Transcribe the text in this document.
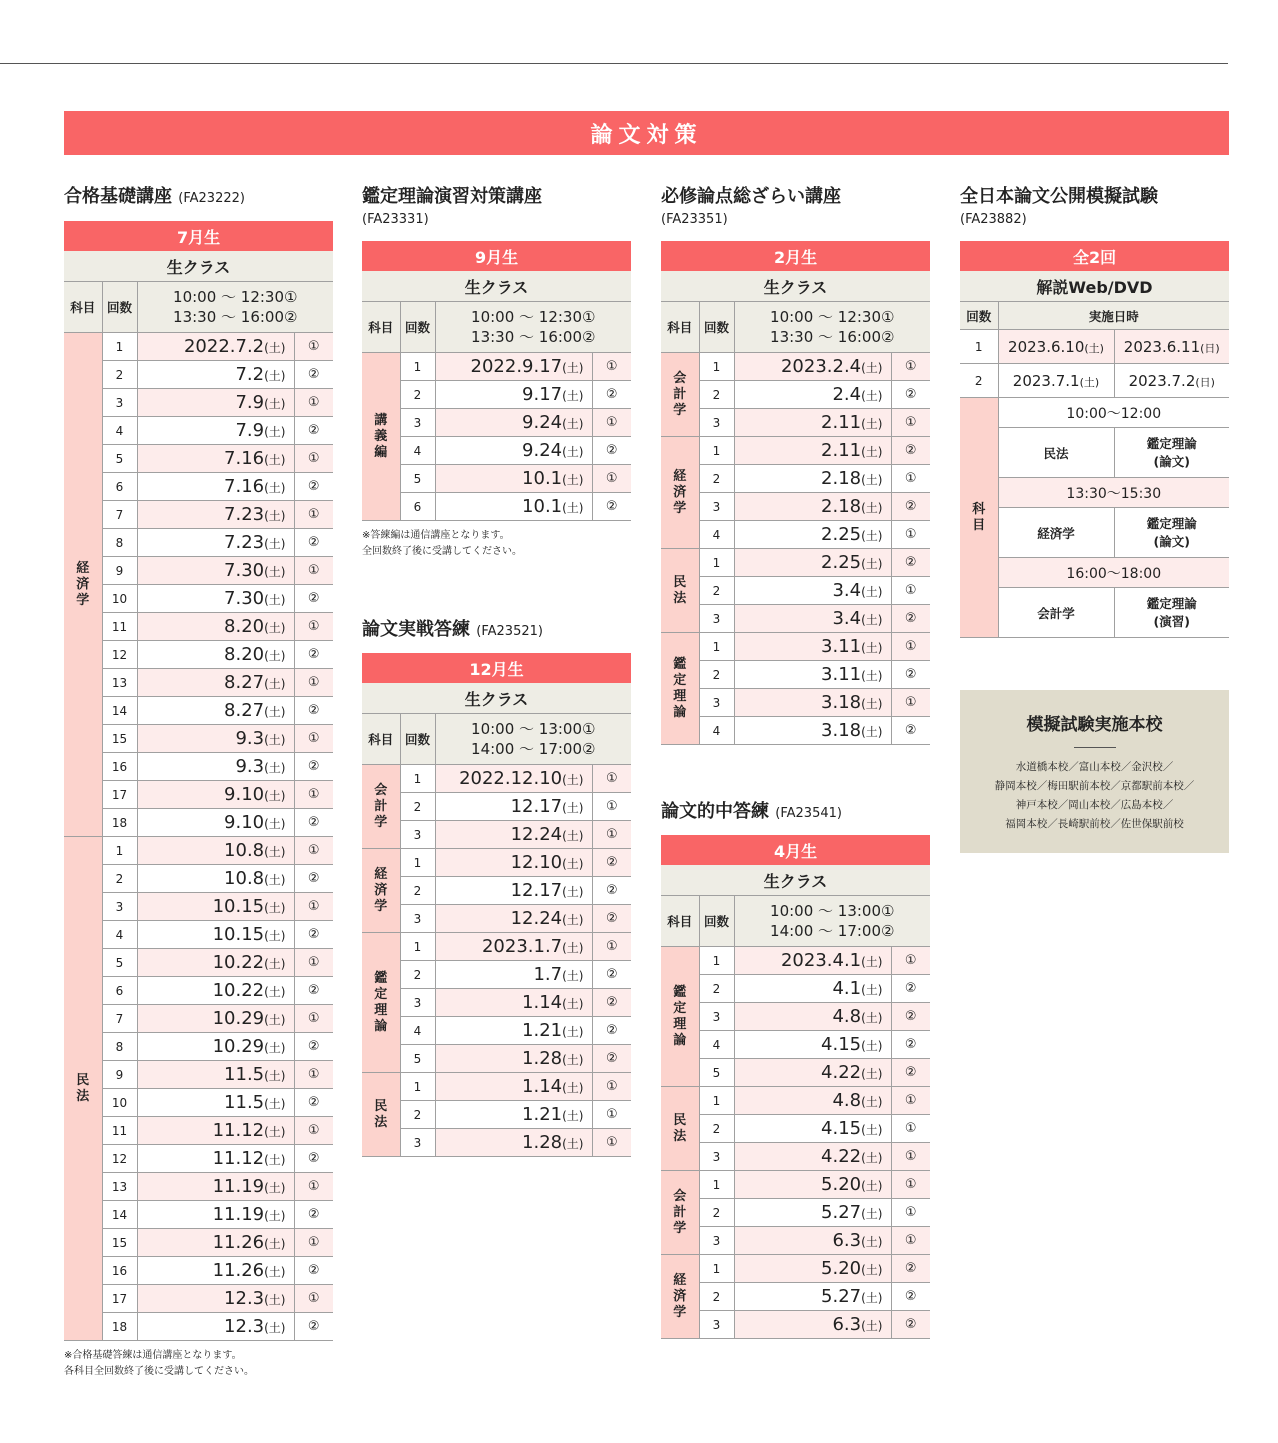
論文対策
合格基礎講座 (FA23222)
7月生			
生クラス			
科目	回数	10:00 ～ 12:30①
13:30 ～ 16:00②	

経済学	1	2022.7.2(土)	①
	2	7.2(土)	②
	3	7.9(土)	①
	4	7.9(土)	②
	5	7.16(土)	①
	6	7.16(土)	②
	7	7.23(土)	①
	8	7.23(土)	②
	9	7.30(土)	①
	10	7.30(土)	②
	11	8.20(土)	①
	12	8.20(土)	②
	13	8.27(土)	①
	14	8.27(土)	②
	15	9.3(土)	①
	16	9.3(土)	②
	17	9.10(土)	①
	18	9.10(土)	②
民法	1	10.8(土)	①
	2	10.8(土)	②
	3	10.15(土)	①
	4	10.15(土)	②
	5	10.22(土)	①
	6	10.22(土)	②
	7	10.29(土)	①
	8	10.29(土)	②
	9	11.5(土)	①
	10	11.5(土)	②
	11	11.12(土)	①
	12	11.12(土)	②
	13	11.19(土)	①
	14	11.19(土)	②
	15	11.26(土)	①
	16	11.26(土)	②
	17	12.3(土)	①
	18	12.3(土)	②
※合格基礎答練は通信講座となります。
各科目全回数終了後に受講してください。
鑑定理論演習対策講座
(FA23331)
9月生			
生クラス			
科目	回数	10:00 ～ 12:30①
13:30 ～ 16:00②	

講義編	1	2022.9.17(土)	①
	2	9.17(土)	②
	3	9.24(土)	①
	4	9.24(土)	②
	5	10.1(土)	①
	6	10.1(土)	②
※答練編は通信講座となります。
全回数終了後に受講してください。
論文実戦答練 (FA23521)
12月生			
生クラス			
科目	回数	10:00 ～ 13:00①
14:00 ～ 17:00②	

会計学	1	2022.12.10(土)	①
	2	12.17(土)	①
	3	12.24(土)	①
経済学	1	12.10(土)	②
	2	12.17(土)	②
	3	12.24(土)	②
鑑定理論	1	2023.1.7(土)	①
	2	1.7(土)	②
	3	1.14(土)	②
	4	1.21(土)	②
	5	1.28(土)	②
民法	1	1.14(土)	①
	2	1.21(土)	①
	3	1.28(土)	①
必修論点総ざらい講座
(FA23351)
2月生			
生クラス			
科目	回数	10:00 ～ 12:30①
13:30 ～ 16:00②	

会計学	1	2023.2.4(土)	①
	2	2.4(土)	②
	3	2.11(土)	①
経済学	1	2.11(土)	②
	2	2.18(土)	①
	3	2.18(土)	②
	4	2.25(土)	①
民法	1	2.25(土)	②
	2	3.4(土)	①
	3	3.4(土)	②
鑑定理論	1	3.11(土)	①
	2	3.11(土)	②
	3	3.18(土)	①
	4	3.18(土)	②
論文的中答練 (FA23541)
4月生			
生クラス			
科目	回数	10:00 ～ 13:00①
14:00 ～ 17:00②	

鑑定理論	1	2023.4.1(土)	①
	2	4.1(土)	②
	3	4.8(土)	②
	4	4.15(土)	②
	5	4.22(土)	②
民法	1	4.8(土)	①
	2	4.15(土)	①
	3	4.22(土)	①
会計学	1	5.20(土)	①
	2	5.27(土)	①
	3	6.3(土)	①
経済学	1	5.20(土)	②
	2	5.27(土)	②
	3	6.3(土)	②
全日本論文公開模擬試験
(FA23882)
全2回		
解説Web/DVD		
回数	実施日時	
1	2023.6.10(土)	2023.6.11(日)
2	2023.7.1(土)	2023.7.2(日)
科目	10:00～12:00	
	民法	鑑定理論
(論文)

	13:30～15:30	
	経済学	鑑定理論
(論文)

	16:00～18:00	
	会計学	鑑定理論
(演習)
模擬試験実施本校
水道橋本校／富山本校／金沢校／
静岡本校／梅田駅前本校／京都駅前本校／
神戸本校／岡山本校／広島本校／
福岡本校／長崎駅前校／佐世保駅前校
